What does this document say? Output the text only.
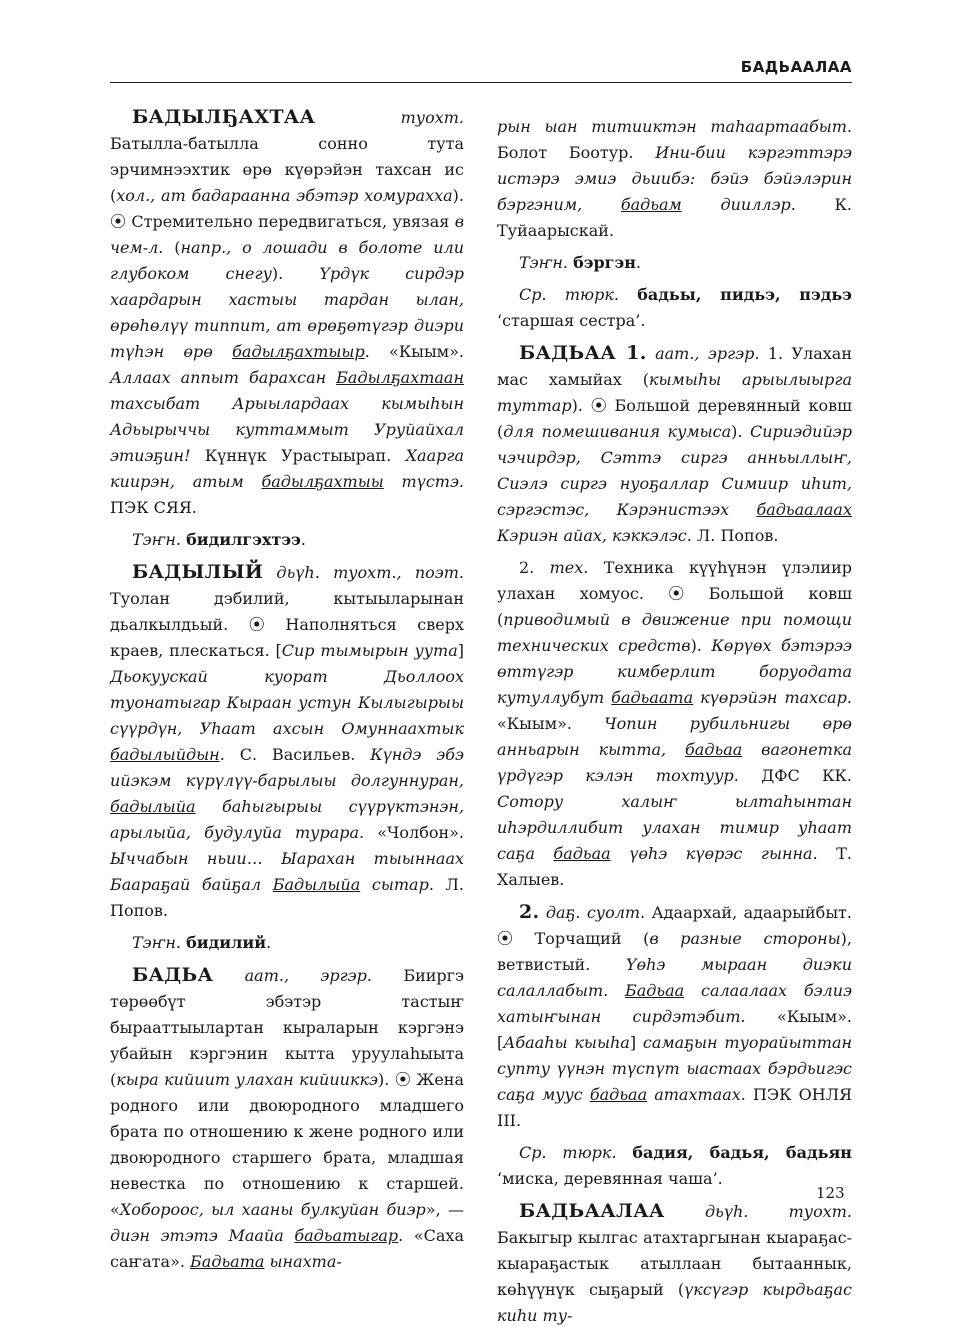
БАДЬААЛАА

БАДЫЛҔАХТАА	туохт. Батылла-батылла сонно тута эрчимнээхтик өрө күөрэйэн тахсан ис (хол., ат бадараанна эбэтэр хомурахха). ⦿ Стремительно передвигаться, увязая в чем-л. (напр., о лошади в болоте или глубоком снегу). Үрдүк сирдэр хаардарын хастыы тардан ылан, өрөһөлүү типпит, ат өрөҕөтүгэр диэри түһэн өрө бадылҕахтыыр. «Кыым». Аллаах аппыт барахсан Бадылҕахтаан тахсыбат Арыылардаах кымыһын Адьырыччы куттаммыт Уруйайхал этиэҕин! Күннүк Урастыырап. Хаарга киирэн, атым бадылҕахтыы түстэ. ПЭК СЯЯ.

Тэҥн. бидилгэхтээ.

БАДЫЛЫЙ дьүһ. туохт., поэт. Туолан дэбилий, кытыыларынан дьалкылдьый. ⦿ Наполняться сверх краев, плескаться. [Сир тымырын уута] Дьокуускай куорат Дьоллоох туонатыгар Кыраан устун Кылыгырыы сүүрдүн, Уһаат ахсын Омуннаахтык бадылыйдын. С. Васильев. Күндэ эбэ ийэкэм күрүлүү-барылыы долгуннуран, бадылыйа баһыгырыы сүүрүктэнэн, арылыйа, будулуйа турара. «Чолбон». Ыччабын ньии… Ыарахан тыыннаах Баараҕай байҕал Бадылыйа сытар. Л. Попов.

Тэҥн. бидилий.

БАДЬА аат., эргэр. Бииргэ төрөөбүт эбэтэр тастыҥ бырааттыылартан кыраларын кэргэнэ убайын кэргэнин кытта уруулаһыыта (кыра кийиит улахан кийииккэ). ⦿ Жена родного или двоюродного младшего брата по отношению к жене родного или двоюродного старшего брата, младшая невестка по отношению к старшей. «Хобороос, ыл хааны булкуйан биэр», — диэн этэтэ Маайа бадьатыгар. «Саха саҥата». Бадьата ынахта-

рын ыан титииктэн таһаартаабыт. Болот Боотур. Ини-бии кэргэттэрэ истэрэ эмиэ дьиибэ: бэйэ бэйэлэрин бэргэним, бадьам дииллэр. К. Туйаарыскай.

Тэҥн. бэргэн.

Ср. тюрк. бадьы, пидьэ, пэдьэ ‘старшая сестра’.

БАДЬАА 1. аат., эргэр. 1. Улахан мас хамыйах (кымыһы арыылыырга туттар). ⦿ Большой деревянный ковш (для помешивания кумыса). Сириэдийэр чэчирдэр, Сэттэ сиргэ анньыллыҥ, Сиэлэ сиргэ нуоҕаллар Симиир иһит, сэргэстэс, Кэрэнистээх бадьаалаах Кэриэн айах, кэккэлэс. Л. Попов.

2. тех. Техника күүһүнэн үлэлиир улахан хомуос. ⦿ Большой ковш (приводимый в движение при помощи технических средств). Көрүөх бэтэрээ өттүгэр кимберлит боруодата кутуллубут бадьаата күөрэйэн тахсар. «Кыым». Чопин рубильнигы өрө анньарын кытта, бадьаа вагонетка үрдүгэр кэлэн тохтуур. ДФС КК. Сотору халыҥ ылтаһынтан иһэрдиллибит улахан тимир уһаат саҕа бадьаа үөһэ күөрэс гынна. Т. Халыев.

2. даҕ. суолт. Адаархай, адаарыйбыт. ⦿ Торчащий (в разные стороны), ветвистый. Үөһэ мыраан диэки салаллабыт. Бадьаа салаалаах бэлиэ хатыҥынан сирдэтэбит. «Кыым». [Абааһы кыыһа] самаҕын туорайыттан супту үүнэн түспүт ыастаах бэрдьигэс саҕа муус бадьаа атахтаах. ПЭК ОНЛЯ III.

Ср. тюрк. бадия, бадья, бадьян ‘миска, деревянная чаша’.

БАДЬААЛАА	дьүһ. туохт. Бакыгыр кылгас атахтаргынан кыараҕас-кыараҕастык атыллаан бытааннык, көһүүнүк сыҕарый (үксүгэр кырдьаҕас киһи ту-

123
